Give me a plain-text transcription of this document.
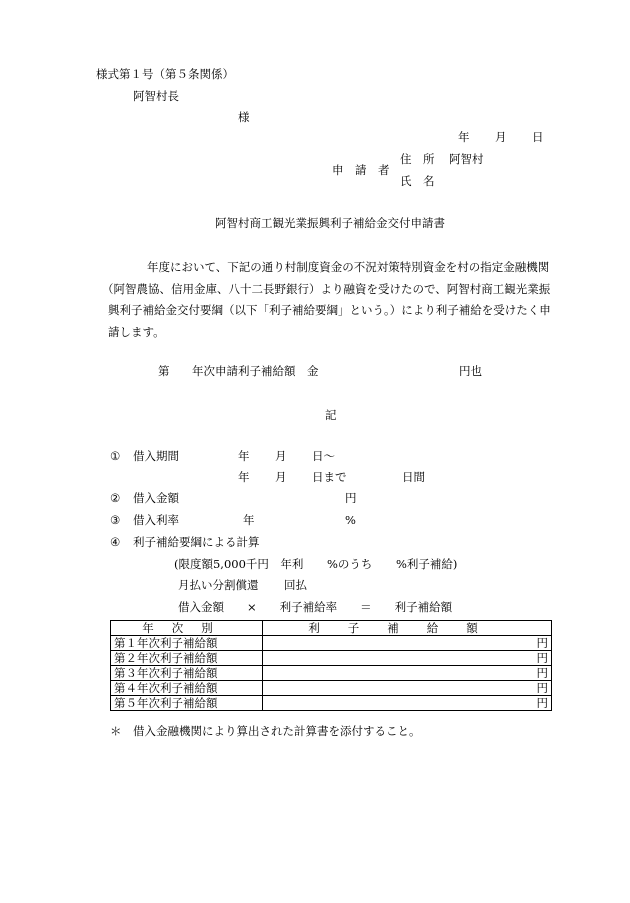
様式第１号（第５条関係）
阿智村長
様
年 月 日
申　請　者
住　所 阿智村
氏　名
阿智村商工観光業振興利子補給金交付申請書
　　年度において、下記の通り村制度資金の不況対策特別資金を村の指定金融機関
（阿智農協、信用金庫、八十二長野銀行）より融資を受けたので、阿智村商工観光業振
興利子補給金交付要綱（以下「利子補給要綱」という。）により利子補給を受けたく申
請します。
第 年次申請利子補給額　金	円也
記
① 借入期間	年 月 日～
年 月 日まで	日間
② 借入金額	円
③ 借入利率	年	%
④ 利子補給要綱による計算
(限度額5,000千円　年利 %のうち %利子補給)
月払い分割償還 回払
借入金額　　×　　利子補給率　　＝　　利子補給額
年次別	利子補給額
第１年次利子補給額	円
第２年次利子補給額	円
第３年次利子補給額	円
第４年次利子補給額	円
第５年次利子補給額	円
＊　借入金融機関により算出された計算書を添付すること。
